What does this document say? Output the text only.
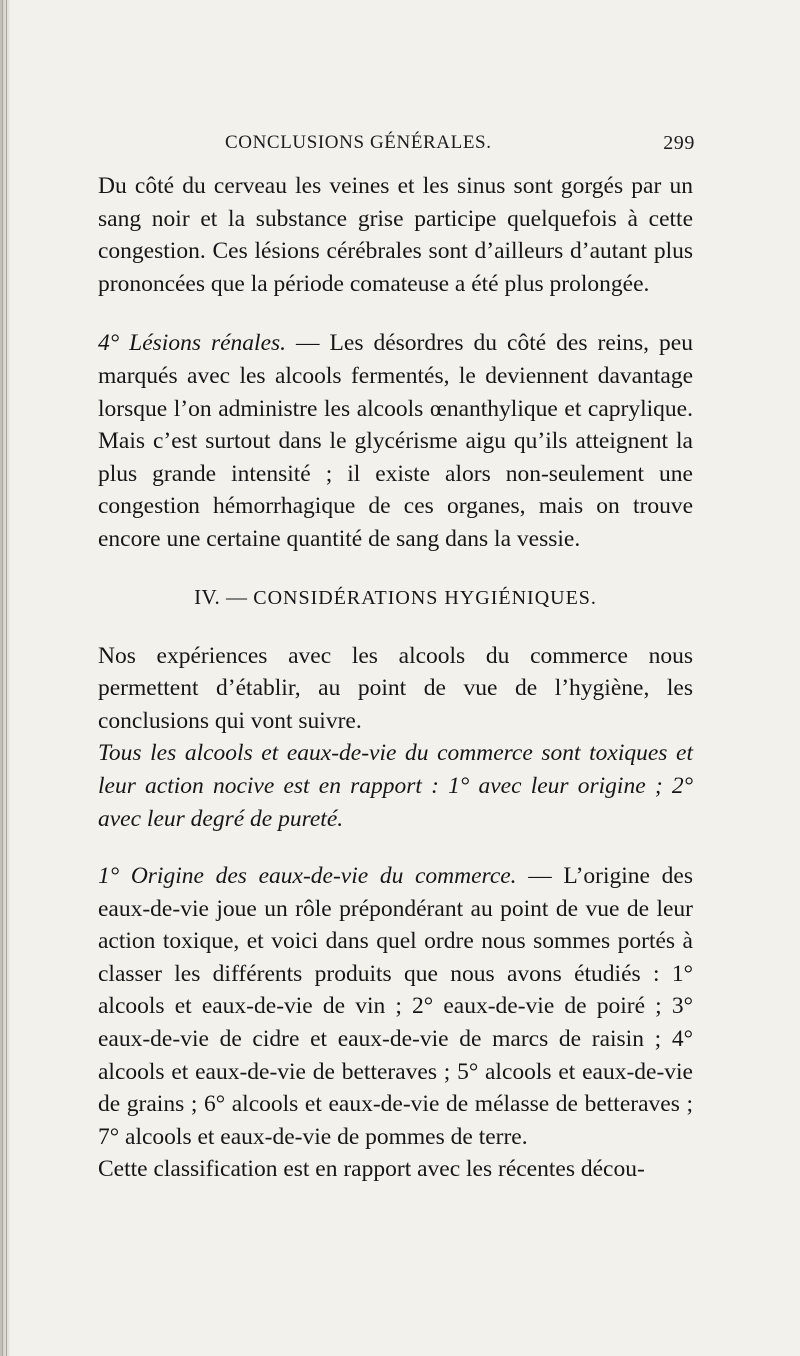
CONCLUSIONS GÉNÉRALES.	299

Du côté du cerveau les veines et les sinus sont gorgés par un sang noir et la substance grise participe quelquefois à cette congestion. Ces lésions cérébrales sont d’ailleurs d’autant plus prononcées que la période comateuse a été plus prolongée.

4° Lésions rénales. — Les désordres du côté des reins, peu marqués avec les alcools fermentés, le deviennent davantage lorsque l’on administre les alcools œnanthylique et caprylique. Mais c’est surtout dans le glycérisme aigu qu’ils atteignent la plus grande intensité ; il existe alors non-seulement une congestion hémorrhagique de ces organes, mais on trouve encore une certaine quantité de sang dans la vessie.

IV. — CONSIDÉRATIONS HYGIÉNIQUES.

Nos expériences avec les alcools du commerce nous permettent d’établir, au point de vue de l’hygiène, les conclusions qui vont suivre.

Tous les alcools et eaux-de-vie du commerce sont toxiques et leur action nocive est en rapport : 1° avec leur origine ; 2° avec leur degré de pureté.

1° Origine des eaux-de-vie du commerce. — L’origine des eaux-de-vie joue un rôle prépondérant au point de vue de leur action toxique, et voici dans quel ordre nous sommes portés à classer les différents produits que nous avons étudiés : 1° alcools et eaux-de-vie de vin ; 2° eaux-de-vie de poiré ; 3° eaux-de-vie de cidre et eaux-de-vie de marcs de raisin ; 4° alcools et eaux-de-vie de betteraves ; 5° alcools et eaux-de-vie de grains ; 6° alcools et eaux-de-vie de mélasse de betteraves ; 7° alcools et eaux-de-vie de pommes de terre.

Cette classification est en rapport avec les récentes décou-
